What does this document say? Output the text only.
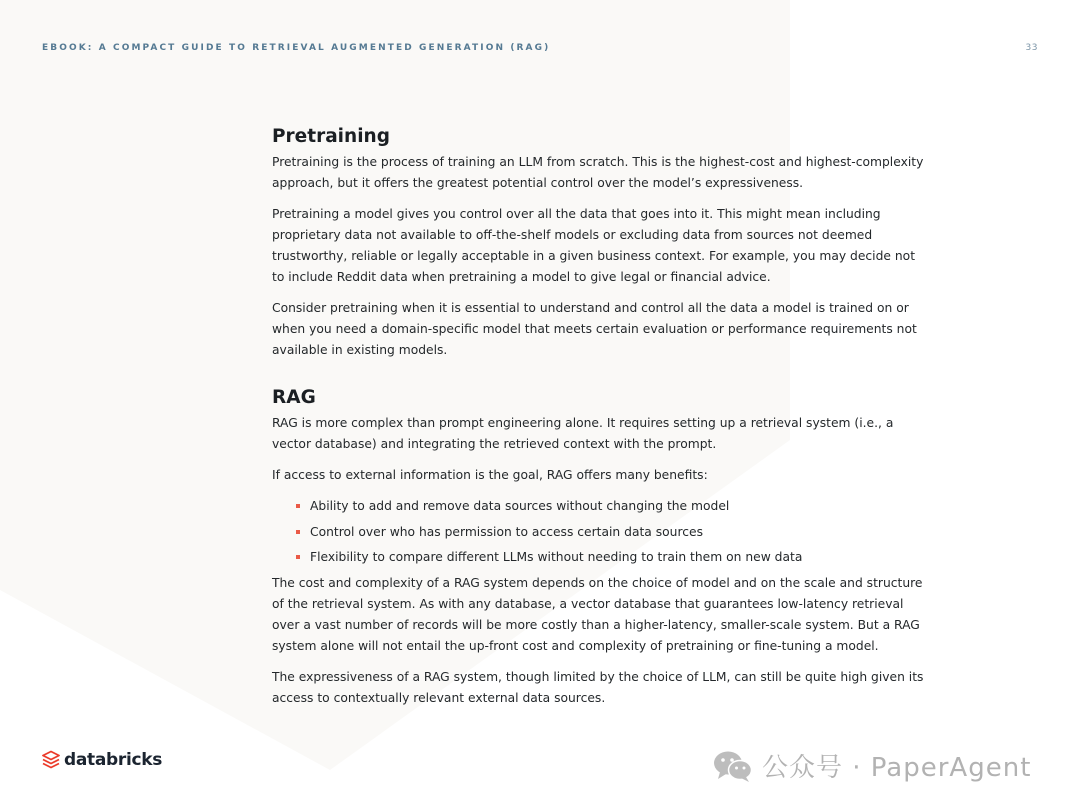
EBOOK: A COMPACT GUIDE TO RETRIEVAL AUGMENTED GENERATION (RAG)	33
Pretraining

Pretraining is the process of training an LLM from scratch. This is the highest-cost and highest-complexity approach, but it offers the greatest potential control over the model’s expressiveness.

Pretraining a model gives you control over all the data that goes into it. This might mean including proprietary data not available to off-the-shelf models or excluding data from sources not deemed trustworthy, reliable or legally acceptable in a given business context. For example, you may decide not to include Reddit data when pretraining a model to give legal or financial advice.

Consider pretraining when it is essential to understand and control all the data a model is trained on or when you need a domain-specific model that meets certain evaluation or performance requirements not available in existing models.

RAG

RAG is more complex than prompt engineering alone. It requires setting up a retrieval system (i.e., a vector database) and integrating the retrieved context with the prompt.

If access to external information is the goal, RAG offers many benefits:

Ability to add and remove data sources without changing the model
Control over who has permission to access certain data sources
Flexibility to compare different LLMs without needing to train them on new data

The cost and complexity of a RAG system depends on the choice of model and on the scale and structure of the retrieval system. As with any database, a vector database that guarantees low-latency retrieval over a vast number of records will be more costly than a higher-latency, smaller-scale system. But a RAG system alone will not entail the up-front cost and complexity of pretraining or fine-tuning a model.

The expressiveness of a RAG system, though limited by the choice of LLM, can still be quite high given its access to contextually relevant external data sources.

databricks	公众号 · PaperAgent
